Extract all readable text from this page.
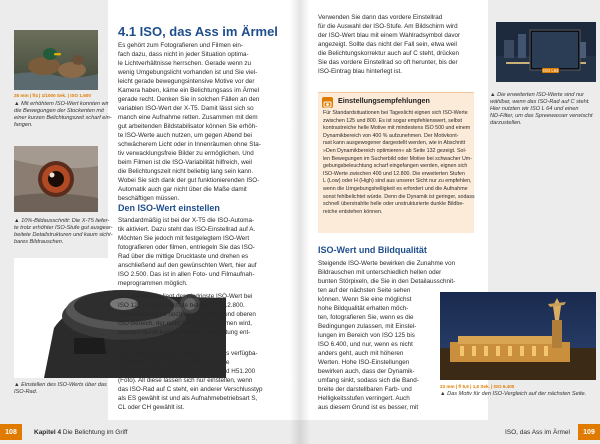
25 mm | f/4 | 1/1000 Sek. | ISO 1.600

▲ Mit erhöhtem ISO-Wert konnten wir

die Bewegungen der Stockenten mit

einer kurzen Belichtungszeit scharf ein-

fangen.

▲ 10%-Bildausschnitt: Die X-T5 liefer-

te trotz erhöhter ISO-Stufe gut ausgear-

beitete Detailstrukturen und kaum sicht-

bares Bildrauschen.

▲ Einstellen des ISO-Werts über das

ISO-Rad.

4.1 ISO, das Ass im Ärmel

Es gehört zum Fotografieren und Filmen ein-

fach dazu, dass nicht in jeder Situation optima-

le Lichtverhältnisse herrschen. Gerade wenn zu

wenig Umgebungslicht vorhanden ist und Sie viel-

leicht gerade bewegungsintensive Motive vor der

Kamera haben, käme ein Belichtungsass im Ärmel

gerade recht. Denken Sie in solchen Fällen an den

variablen ISO-Wert der X-T5. Damit lässt sich so

manch eine Aufnahme retten. Zusammen mit dem

gut arbeitenden Bildstabilisator können Sie erhöh-

te ISO-Werte auch nutzen, um gegen Abend bei

schwächerem Licht oder in Innenräumen ohne Sta-

tiv verwacklungsfreie Bilder zu ermöglichen. Und

beim Filmen ist die ISO-Variabilität hilfreich, weil

die Belichtungszeit nicht beliebig lang sein kann.

Wobei Sie sich dank der gut funktionierenden ISO-

Automatik auch gar nicht über die Maße damit

beschäftigen müssen.

Den ISO-Wert einstellen

Standardmäßig ist bei der X-T5 die ISO-Automa-

tik aktiviert. Dazu steht das ISO-Einstellrad auf A.

Möchten Sie jedoch mit festgelegtem ISO-Wert

fotografieren oder filmen, entriegeln Sie das ISO-

Rad über die mittige Drucktaste und drehen es

anschließend auf den gewünschten Wert, hier auf

ISO 2.500. Das ist in allen Foto- und Filmaufnah-

meprogrammen möglich.

Standardmäßig liegt der niedrigste ISO-Wert bei

ISO 125 und der höchste beträgt ISO 12.800.

Zusätzlich gibt es noch einen unteren und oberen

ISO-Bereich, der nicht nativ aufgenommen wird,

sondern durch kamerainterne Verarbeitung ent-

steht.

Dazu zählen einerseits die nur für Fotos verfügba-

ren Stufen L64, L80 und L100 sowie die

hohen Stufen H25.600 (Foto/Video) und H51.200

(Foto). All diese lassen sich nur einstellen, wenn

das ISO-Rad auf C steht, ein anderer Verschlusstyp

als ES gewählt ist und als Aufnahmebetriebsart S,

CL oder CH gewählt ist.

108	Kapitel 4 Die Belichtung im Griff

Verwenden Sie dann das vordere Einstellrad

für die Auswahl der ISO-Stufe. Am Bildschirm wird

der ISO-Wert blau mit einem Wahlradsymbol davor

angezeigt. Sollte das nicht der Fall sein, etwa weil

die Belichtungskorrektur auch auf C steht, drücken

Sie das vordere Einstellrad so oft herunter, bis der

ISO-Eintrag blau hinterlegt ist.

Einstellungsempfehlungen

Für Standardsituationen bei Tageslicht eignen sich ISO-Werte

zwischen 125 und 800. Es ist sogar empfehlenswert, selbst

kontrastreiche helle Motive mit mindestens ISO 500 und einem

Dynamikbereich von 400 % aufzunehmen. Der Motivkont-

rast kann ausgewogener dargestellt werden, wie in Abschnitt

»Den Dynamikbereich optimieren« ab Seite 132 gezeigt. Sol-

len Bewegungen im Sucherbild oder Motive bei schwacher Um-

gebungsbeleuchtung scharf eingefangen werden, eignen sich

ISO-Werte zwischen 400 und 12.800. Die erweiterten Stufen

L (Low) oder H (High) sind aus unserer Sicht nur zu empfehlen,

wenn die Umgebungshelligkeit es erfordert und die Aufnahme

sonst fehlbelichtet würde. Denn die Dynamik ist geringer, sodass

schnell überstrahlte helle oder unstrukturierte dunkle Bildbe-

reiche entstehen können.

ISO-Wert und Bildqualität

Steigende ISO-Werte bewirken die Zunahme von

Bildrauschen mit unterschiedlich hellen oder

bunten Störpixeln, die Sie in den Detailausschnit-

ten auf der nächsten Seite sehen

können. Wenn Sie eine möglichst

hohe Bildqualität erhalten möch-

ten, fotografieren Sie, wenn es die

Bedingungen zulassen, mit Einstel-

lungen im Bereich von ISO 125 bis

ISO 6.400, und nur, wenn es nicht

anders geht, auch mit höheren

Werten. Hohe ISO-Einstellungen

bewirken auch, dass der Dynamik-

umfang sinkt, sodass sich die Band-

breite der darstellbaren Farb- und

Helligkeitsstufen verringert. Auch

aus diesem Grund ist es besser, mit

ISO L64

▲ Die erweiterten ISO-Werte sind nur

wählbar, wenn das ISO-Rad auf C steht.

Hier nutzten wir ISO L 64 und einen

ND-Filter, um das Spreewasser verwischt

darzustellen.

23 mm | f/ 5,6 | 1,6 Sek. | ISO 6.400

▲ Das Motiv für den ISO-Vergleich auf der nächsten Seite.

ISO, das Ass im Ärmel	109
